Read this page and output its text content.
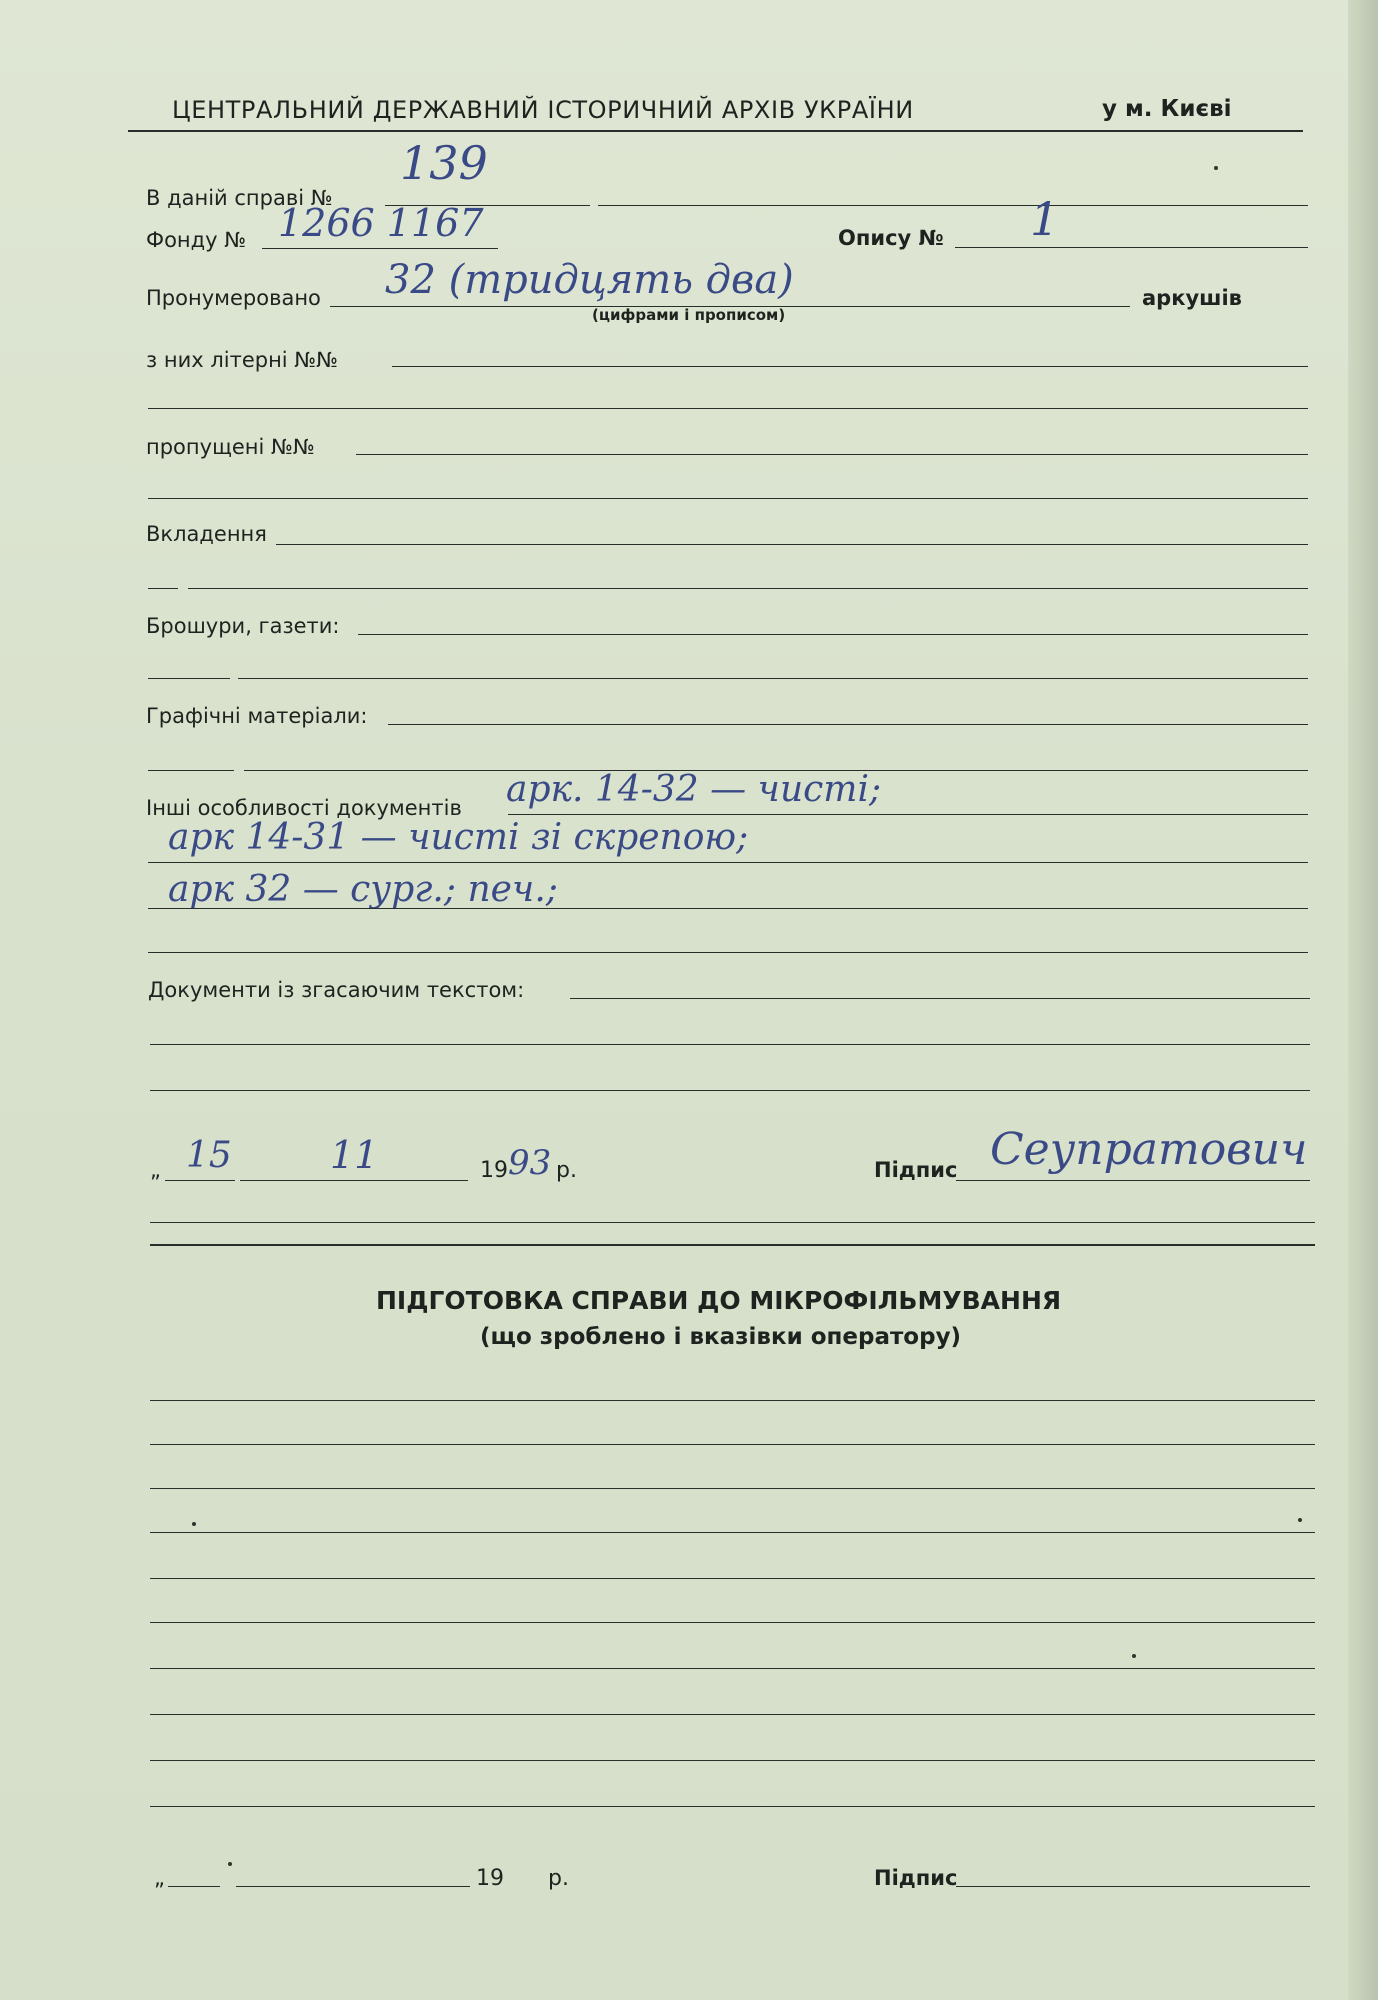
ЦЕНТРАЛЬНИЙ ДЕРЖАВНИЙ ІСТОРИЧНИЙ АРХІВ УКРАЇНИ	у м. Києві
В даній справі №
139
Фонду № 1266 1167	Опису № 1
Пронумеровано 32 (тридцять два)	аркушів
(цифрами і прописом)
з них літерні №№
пропущені №№
Вкладення
Брошури, газети:
Графічні матеріали:
Інші особливості документів арк. 14-32 — чисті;
арк 14-31 — чисті зі скрепою;
арк 32 — сург.; печ.;
Документи із згасаючим текстом:
„ 15	11	19 93 р.	Підпис Сеупратович
ПІДГОТОВКА СПРАВИ ДО МІКРОФІЛЬМУВАННЯ
(що зроблено і вказівки оператору)
„	19 р.	Підпис
